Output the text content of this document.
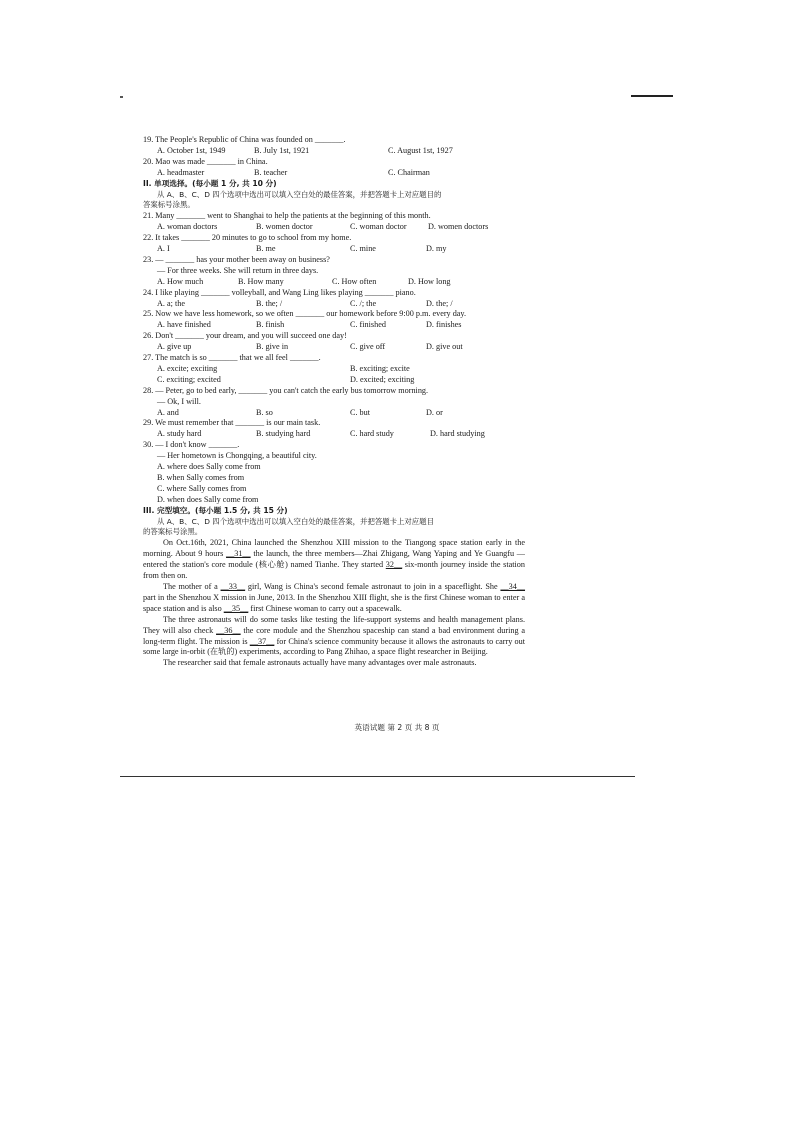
19. The People's Republic of China was founded on _______.

A. October 1st, 1949	B. July 1st, 1921	C. August 1st, 1927

20. Mao was made _______ in China.

A. headmaster	B. teacher	C. Chairman

II. 单项选择。(每小题 1 分, 共 10 分)

从 A、B、C、D 四个选项中选出可以填入空白处的最佳答案，并把答题卡上对应题目的

答案标号涂黑。

21. Many _______ went to Shanghai to help the patients at the beginning of this month.

A. woman doctors	B. women doctor	C. woman doctor	D. women doctors

22. It takes _______ 20 minutes to go to school from my home.

A. I	B. me	C. mine	D. my

23. — _______ has your mother been away on business?

— For three weeks. She will return in three days.

A. How much	B. How many	C. How often	D. How long

24. I like playing _______ volleyball, and Wang Ling likes playing _______ piano.

A. a; the	B. the; /	C. /; the	D. the; /

25. Now we have less homework, so we often _______ our homework before 9:00 p.m. every day.

A. have finished	B. finish	C. finished	D. finishes

26. Don't _______ your dream, and you will succeed one day!

A. give up	B. give in	C. give off	D. give out

27. The match is so _______ that we all feel _______.

A. excite; exciting	B. exciting; excite
C. exciting; excited	D. excited; exciting

28. — Peter, go to bed early, _______ you can't catch the early bus tomorrow morning.

— Ok, I will.

A. and	B. so	C. but	D. or

29. We must remember that _______ is our main task.

A. study hard	B. studying hard	C. hard study	D. hard studying

30. — I don't know _______.

— Her hometown is Chongqing, a beautiful city.

A. where does Sally come from

B. when Sally comes from

C. where Sally comes from

D. when does Sally come from

III. 完型填空。(每小题 1.5 分, 共 15 分)

从 A、B、C、D 四个选项中选出可以填入空白处的最佳答案，并把答题卡上对应题目

的答案标号涂黑。

On Oct.16th, 2021, China launched the Shenzhou XIII mission to the Tiangong space station early in the morning. About 9 hours __31__ the launch, the three members—Zhai Zhigang, Wang Yaping and Ye Guangfu — entered the station's core module (核心舱) named Tianhe. They started 32__ six-month journey inside the station from then on.

The mother of a __33__ girl, Wang is China's second female astronaut to join in a spaceflight. She __34__ part in the Shenzhou X mission in June, 2013. In the Shenzhou XIII flight, she is the first Chinese woman to enter a space station and is also __35__ first Chinese woman to carry out a spacewalk.

The three astronauts will do some tasks like testing the life-support systems and health management plans. They will also check __36__ the core module and the Shenzhou spaceship can stand a bad environment during a long-term flight. The mission is __37__ for China's science community because it allows the astronauts to carry out some large in-orbit (在轨的) experiments, according to Pang Zhihao, a space flight researcher in Beijing.

The researcher said that female astronauts actually have many advantages over male astronauts.

英语试题 第 2 页 共 8 页
